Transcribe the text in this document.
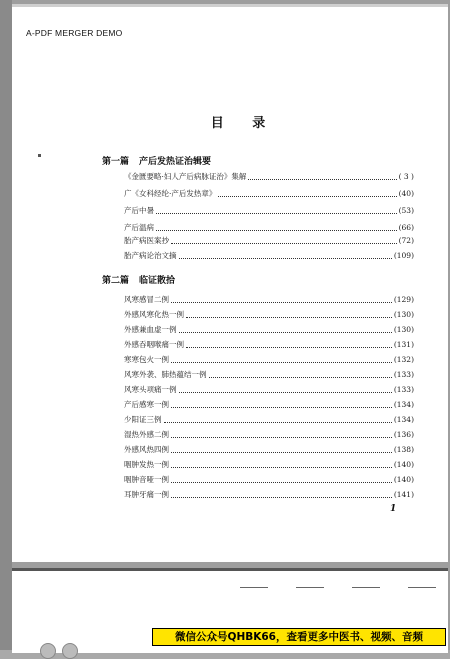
A-PDF MERGER DEMO
目 录
第一篇 产后发热证治辑要
《金匮要略·妇人产后病脉证治》集解	( 3 )
广《女科经纶·产后发热章》	(40)
产后中暑	(53)
产后温病	(66)
胎产病医案抄	(72)
胎产病论治文摘	(109)
第二篇 临证散拾
风寒感冒二例	(129)
外感风寒化热一例	(130)
外感兼血虚一例	(130)
外感吞咽喉痛一例	(131)
寒寒包火一例	(132)
风寒外袭、肺热蕴结一例	(133)
风寒头项痛一例	(133)
产后感寒一例	(134)
少阳证三例	(134)
湿热外感二例	(136)
外感风热四例	(138)
咽肿发热一例	(140)
咽肿音哑一例	(140)
耳肿牙痛一例	(141)
1
微信公众号QHBK66，查看更多中医书、视频、音频
